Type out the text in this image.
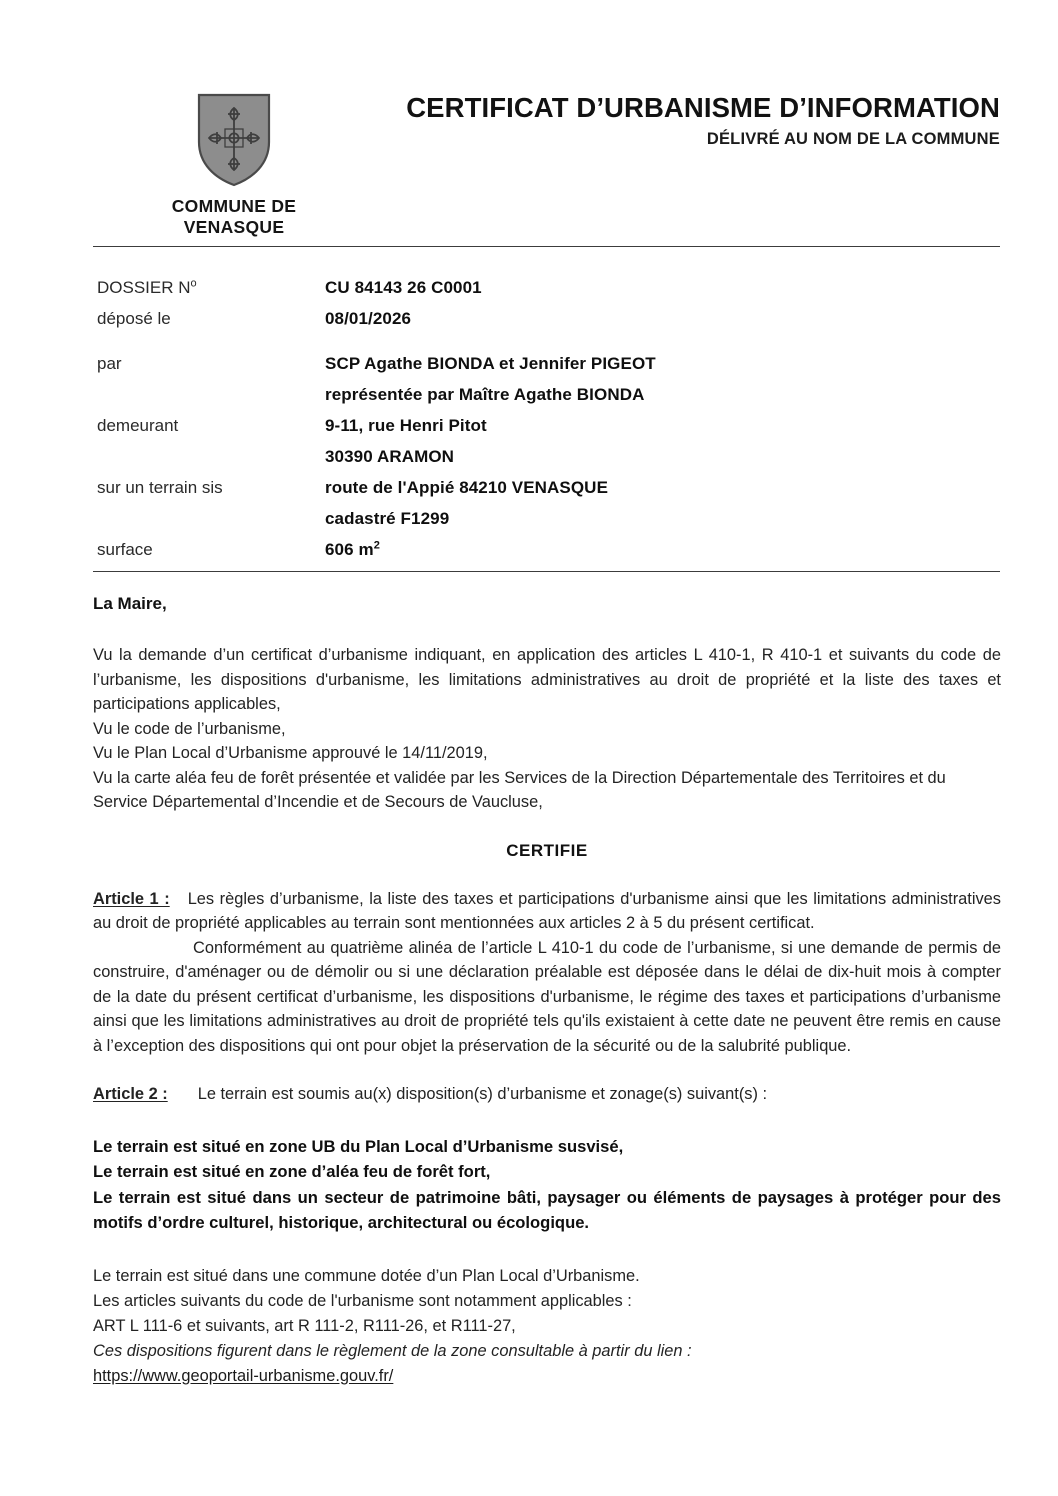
COMMUNE DE
VENASQUE
CERTIFICAT D’URBANISME D’INFORMATION
DÉLIVRÉ AU NOM DE LA COMMUNE
DOSSIER $N^o$	CU 84143 26 C0001
déposé le	08/01/2026
par	SCP Agathe BIONDA et Jennifer PIGEOT
représentée par Maître Agathe BIONDA
demeurant	9-11, rue Henri Pitot
30390 ARAMON
sur un terrain sis	route de l'Appié 84210 VENASQUE
cadastré F1299
surface	606 $m^2$
La Maire,
Vu la demande d’un certificat d’urbanisme indiquant, en application des articles L 410-1, R 410-1 et suivants du code de l’urbanisme, les dispositions d'urbanisme, les limitations administratives au droit de propriété et la liste des taxes et participations applicables,
Vu le code de l’urbanisme,
Vu le Plan Local d’Urbanisme approuvé le 14/11/2019,
Vu la carte aléa feu de forêt présentée et validée par les Services de la Direction Départementale des Territoires et du Service Départemental d’Incendie et de Secours de Vaucluse,
CERTIFIE

Article 1 : Les règles d’urbanisme, la liste des taxes et participations d'urbanisme ainsi que les limitations administratives au droit de propriété applicables au terrain sont mentionnées aux articles 2 à 5 du présent certificat.

Conformément au quatrième alinéa de l’article L 410-1 du code de l’urbanisme, si une demande de permis de construire, d'aménager ou de démolir ou si une déclaration préalable est déposée dans le délai de dix-huit mois à compter de la date du présent certificat d’urbanisme, les dispositions d'urbanisme, le régime des taxes et participations d’urbanisme ainsi que les limitations administratives au droit de propriété tels qu'ils existaient à cette date ne peuvent être remis en cause à l’exception des dispositions qui ont pour objet la préservation de la sécurité ou de la salubrité publique.

Article 2 : Le terrain est soumis au(x) disposition(s) d’urbanisme et zonage(s) suivant(s) :

Le terrain est situé en zone UB du Plan Local d’Urbanisme susvisé,
Le terrain est situé en zone d’aléa feu de forêt fort,
Le terrain est situé dans un secteur de patrimoine bâti, paysager ou éléments de paysages à protéger pour des motifs d’ordre culturel, historique, architectural ou écologique.
Le terrain est situé dans une commune dotée d’un Plan Local d’Urbanisme.
Les articles suivants du code de l'urbanisme sont notamment applicables :
ART L 111-6 et suivants, art R 111-2, R111-26, et R111-27,
Ces dispositions figurent dans le règlement de la zone consultable à partir du lien :
https://www.geoportail-urbanisme.gouv.fr/
